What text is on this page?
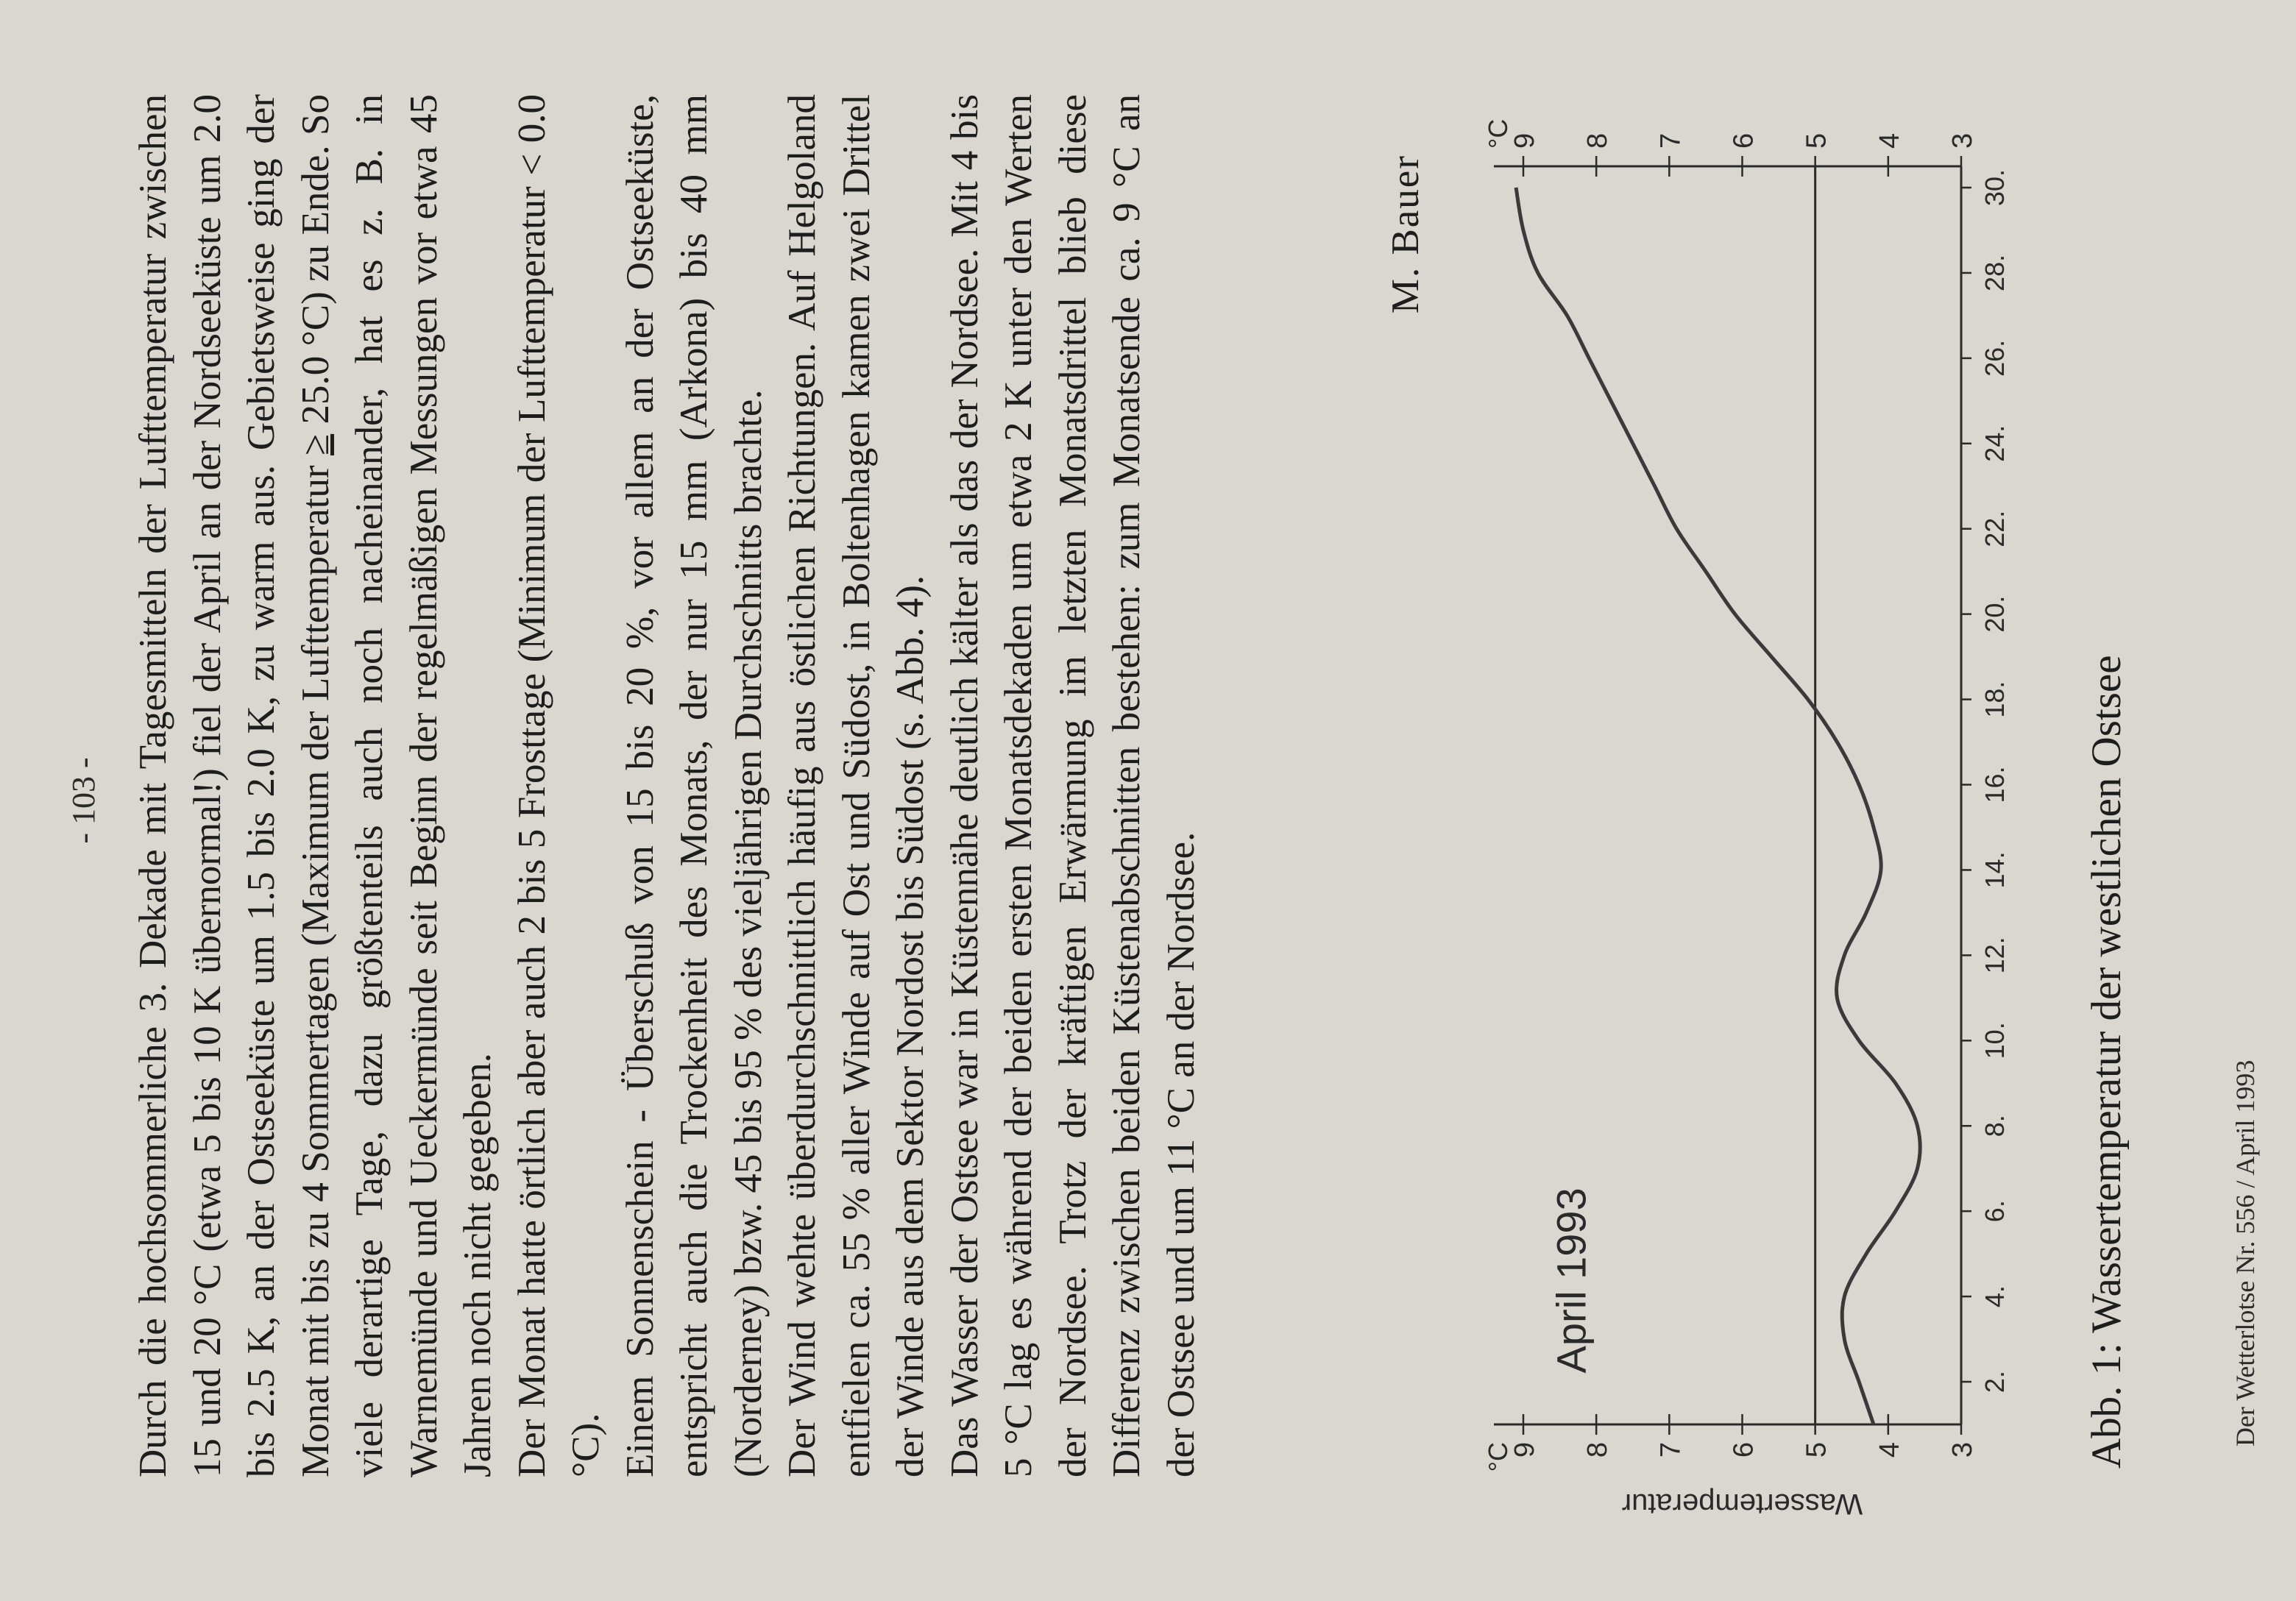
- 103 - Durch die hochsommerliche 3. Dekade mit Tagesmitteln der Lufttemperatur zwischen 15 und 20 °C (etwa 5 bis 10 K übernormal!) fiel der April an der Nordseeküste um 2.0 bis 2.5 K, an der Ostseeküste um 1.5 bis 2.0 K, zu warm aus. Gebietsweise ging der Monat mit bis zu 4 Sommertagen (Maximum der Lufttemperatur ≥ 25.0 °C) zu Ende. So viele derartige Tage, dazu größtenteils auch noch nacheinander, hat es z. B. in Warnemünde und Ueckermünde seit Beginn der regelmäßigen Messungen vor etwa 45 Jahren noch nicht gegeben. Der Monat hatte örtlich aber auch 2 bis 5 Frosttage (Minimum der Lufttemperatur < 0.0 °C). Einem Sonnenschein - Überschuß von 15 bis 20 %, vor allem an der Ostseeküste, entspricht auch die Trockenheit des Monats, der nur 15 mm (Arkona) bis 40 mm (Norderney) bzw. 45 bis 95 % des vieljährigen Durchschnitts brachte. Der Wind wehte überdurchschnittlich häufig aus östlichen Richtungen. Auf Helgoland entfielen ca. 55 % aller Winde auf Ost und Südost, in Boltenhagen kamen zwei Drittel der Winde aus dem Sektor Nordost bis Südost (s. Abb. 4). Das Wasser der Ostsee war in Küstennähe deutlich kälter als das der Nordsee. Mit 4 bis 5 °C lag es während der beiden ersten Monatsdekaden um etwa 2 K unter den Werten der Nordsee. Trotz der kräftigen Erwärmung im letzten Monatsdrittel blieb diese Differenz zwischen beiden Küstenabschnitten bestehen: zum Monatsende ca. 9 °C an der Ostsee und um 11 °C an der Nordsee.

M. Bauer
3
3
4
4
5
5
6
6
7
7
8
8
9
9
2.
4.
6.
8.
10.
12.
14.
16.
18.
20.
22.
24.
26.
28.
30.
°C
°C
Wassertemperatur
April 1993	Abb. 1: Wassertemperatur der westlichen Ostsee	Der Wetterlotse Nr. 556 / April 1993
